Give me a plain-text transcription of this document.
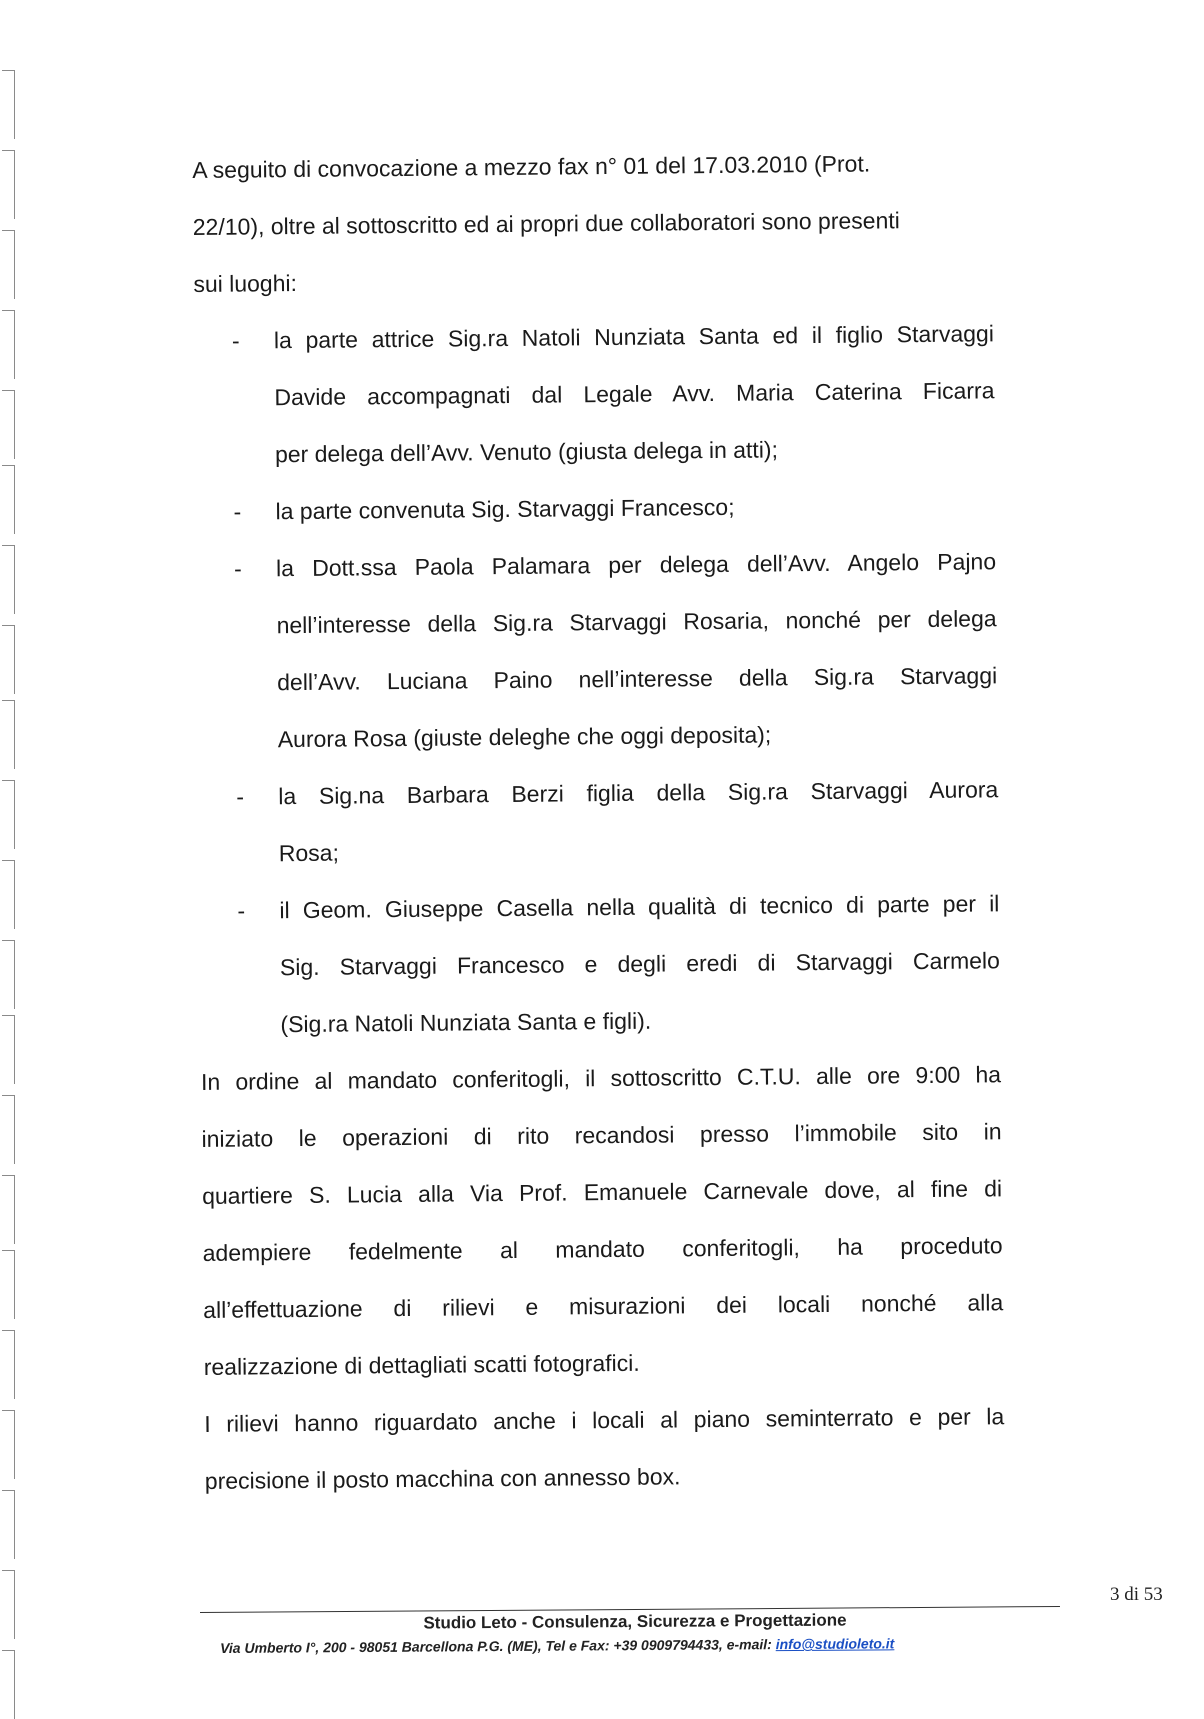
A seguito di convocazione a mezzo fax n° 01 del 17.03.2010 (Prot.
22/10), oltre al sottoscritto ed ai propri due collaboratori sono presenti
sui luoghi:
- la parte attrice Sig.ra Natoli Nunziata Santa ed il figlio Starvaggi
Davide accompagnati dal Legale Avv. Maria Caterina Ficarra
per delega dell’Avv. Venuto (giusta delega in atti);
- la parte convenuta Sig. Starvaggi Francesco;
- la Dott.ssa Paola Palamara per delega dell’Avv. Angelo Pajno
nell’interesse della Sig.ra Starvaggi Rosaria, nonché per delega
dell’Avv. Luciana Paino nell’interesse della Sig.ra Starvaggi
Aurora Rosa (giuste deleghe che oggi deposita);
- la Sig.na Barbara Berzi figlia della Sig.ra Starvaggi Aurora
Rosa;
- il Geom. Giuseppe Casella nella qualità di tecnico di parte per il
Sig. Starvaggi Francesco e degli eredi di Starvaggi Carmelo
(Sig.ra Natoli Nunziata Santa e figli).
In ordine al mandato conferitogli, il sottoscritto C.T.U. alle ore 9:00 ha
iniziato le operazioni di rito recandosi presso l’immobile sito in
quartiere S. Lucia alla Via Prof. Emanuele Carnevale dove, al fine di
adempiere fedelmente al mandato conferitogli, ha proceduto
all’effettuazione di rilievi e misurazioni dei locali nonché alla
realizzazione di dettagliati scatti fotografici.
I rilievi hanno riguardato anche i locali al piano seminterrato e per la
precisione il posto macchina con annesso box.
3 di 53
Studio Leto - Consulenza, Sicurezza e Progettazione
Via Umberto I°, 200 - 98051 Barcellona P.G. (ME), Tel e Fax: +39 0909794433, e-mail: info@studioleto.it
